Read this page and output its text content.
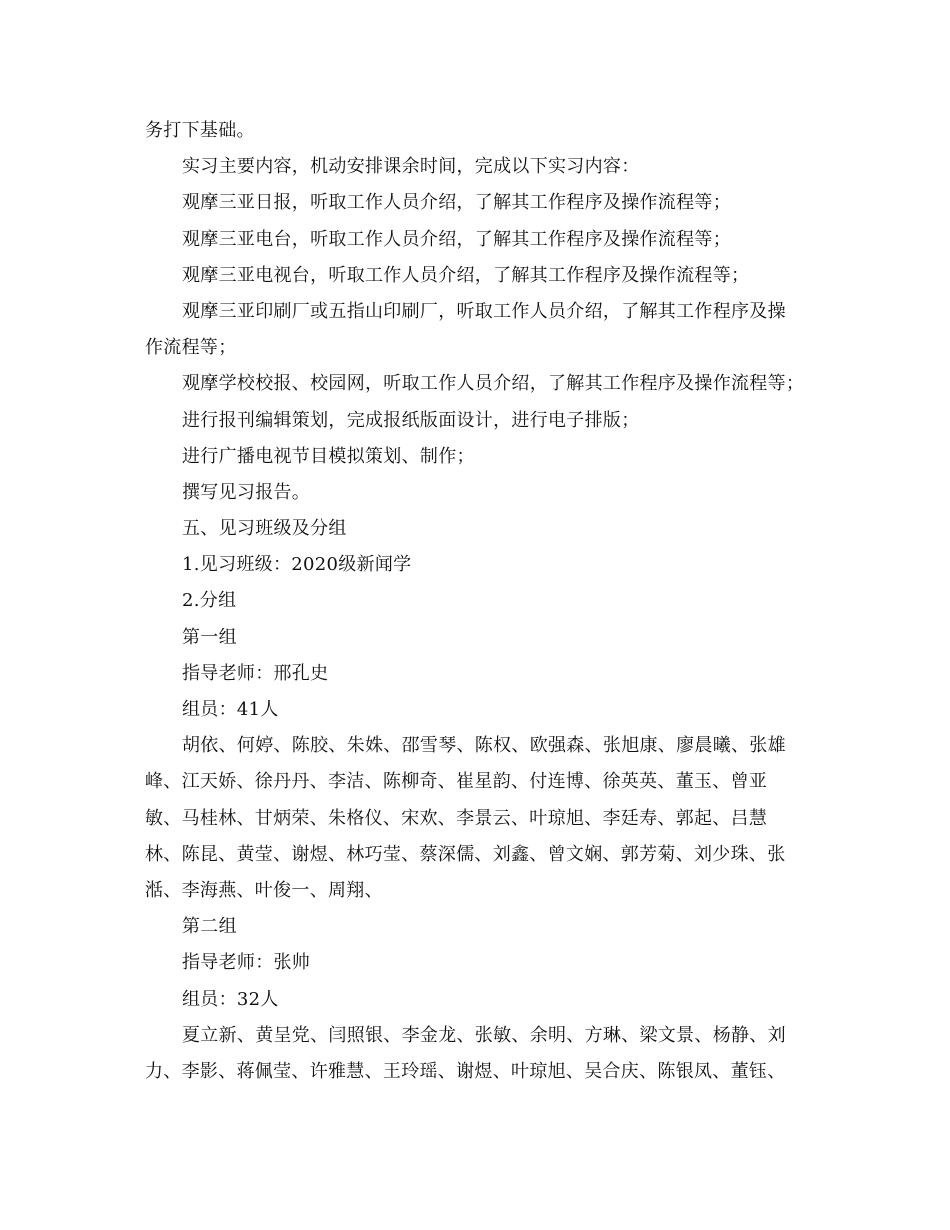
务打下基础。
实习主要内容，机动安排课余时间，完成以下实习内容：
观摩三亚日报，听取工作人员介绍，了解其工作程序及操作流程等；
观摩三亚电台，听取工作人员介绍，了解其工作程序及操作流程等；
观摩三亚电视台，听取工作人员介绍，了解其工作程序及操作流程等；
观摩三亚印刷厂或五指山印刷厂，听取工作人员介绍，了解其工作程序及操
作流程等；
观摩学校校报、校园网，听取工作人员介绍，了解其工作程序及操作流程等；
进行报刊编辑策划，完成报纸版面设计，进行电子排版；
进行广播电视节目模拟策划、制作；
撰写见习报告。
五、见习班级及分组
1.见习班级：2020级新闻学
2.分组
第一组
指导老师：邢孔史
组员：41人
胡依、何婷、陈胶、朱姝、邵雪琴、陈权、欧强森、张旭康、廖晨曦、张雄
峰、江天娇、徐丹丹、李洁、陈柳奇、崔星韵、付连博、徐英英、董玉、曾亚
敏、马桂林、甘炳荣、朱格仪、宋欢、李景云、叶琼旭、李廷寿、郭起、吕慧
林、陈昆、黄莹、谢煜、林巧莹、蔡深儒、刘鑫、曾文娴、郭芳菊、刘少珠、张
湉、李海燕、叶俊一、周翔、
第二组
指导老师：张帅
组员：32人
夏立新、黄呈党、闫照银、李金龙、张敏、余明、方琳、梁文景、杨静、刘
力、李影、蒋佩莹、许雅慧、王玲瑶、谢煜、叶琼旭、吴合庆、陈银凤、董钰、
